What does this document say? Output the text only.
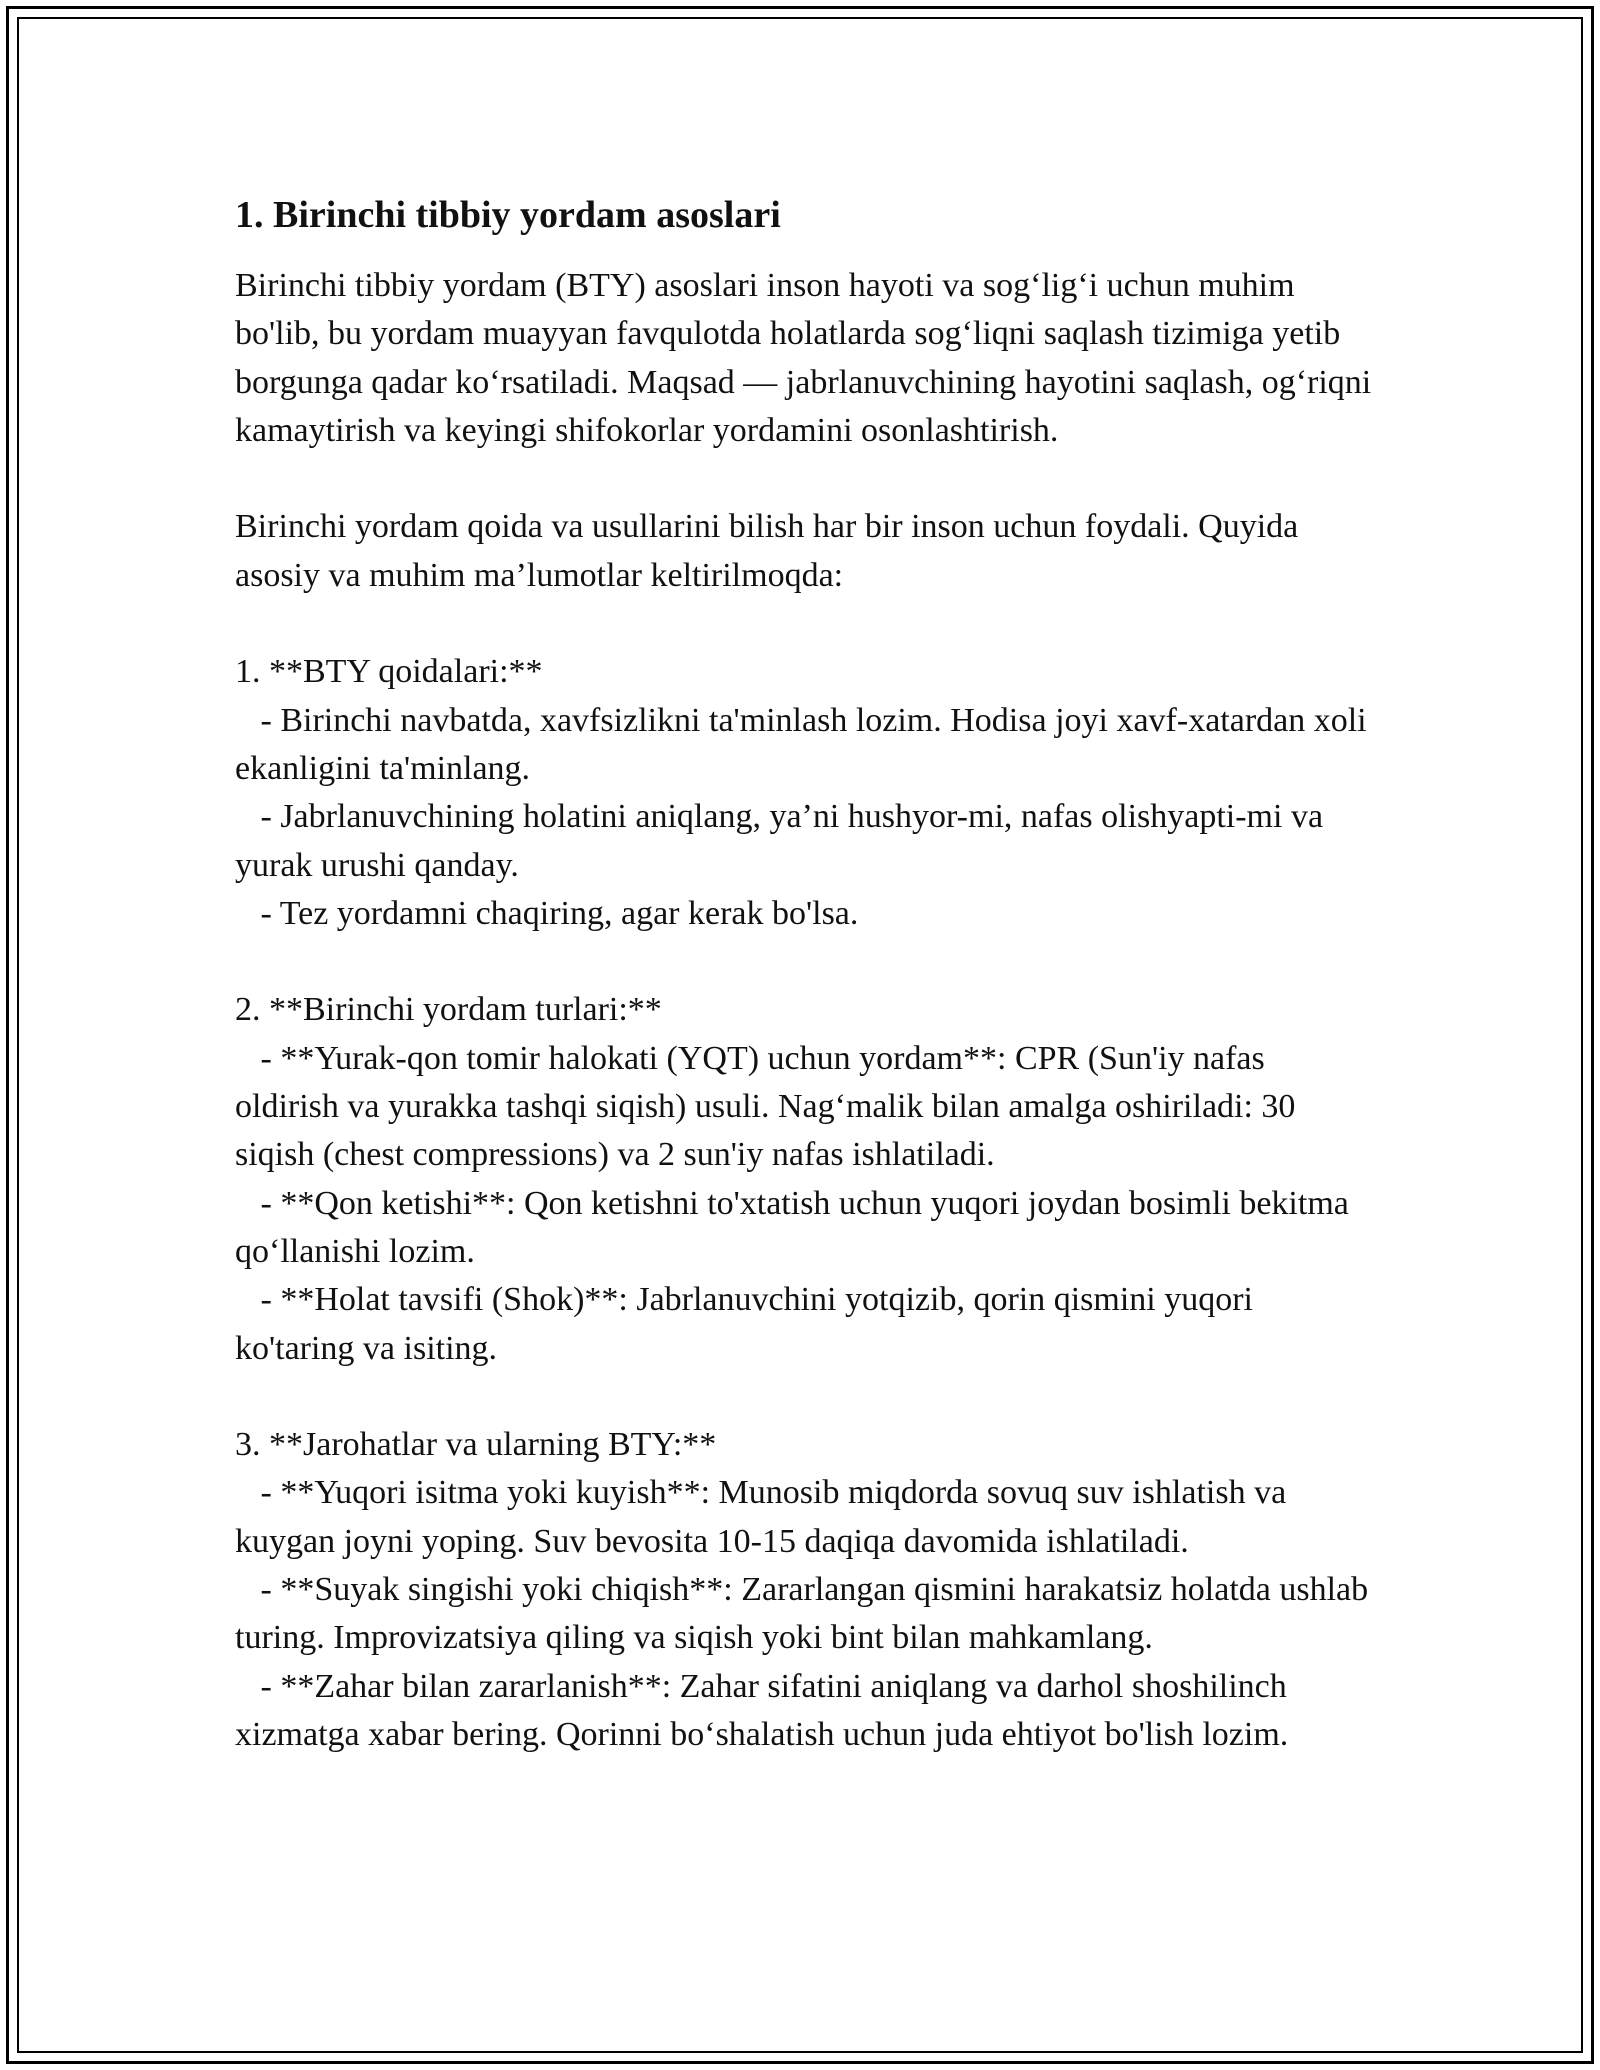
1. Birinchi tibbiy yordam asoslari

Birinchi tibbiy yordam (BTY) asoslari inson hayoti va sog‘lig‘i uchun muhim bo'lib, bu yordam muayyan favqulotda holatlarda sog‘liqni saqlash tizimiga yetib borgunga qadar ko‘rsatiladi. Maqsad — jabrlanuvchining hayotini saqlash, og‘riqni kamaytirish va keyingi shifokorlar yordamini osonlashtirish.

Birinchi yordam qoida va usullarini bilish har bir inson uchun foydali. Quyida asosiy va muhim ma’lumotlar keltirilmoqda:

1. **BTY qoidalari:**

- Birinchi navbatda, xavfsizlikni ta'minlash lozim. Hodisa joyi xavf-xatardan xoli ekanligini ta'minlang.

- Jabrlanuvchining holatini aniqlang, ya’ni hushyor-mi, nafas olishyapti-mi va yurak urushi qanday.

- Tez yordamni chaqiring, agar kerak bo'lsa.

2. **Birinchi yordam turlari:**

- **Yurak-qon tomir halokati (YQT) uchun yordam**: CPR (Sun'iy nafas oldirish va yurakka tashqi siqish) usuli. Nag‘malik bilan amalga oshiriladi: 30 siqish (chest compressions) va 2 sun'iy nafas ishlatiladi.

- **Qon ketishi**: Qon ketishni to'xtatish uchun yuqori joydan bosimli bekitma qo‘llanishi lozim.

- **Holat tavsifi (Shok)**: Jabrlanuvchini yotqizib, qorin qismini yuqori ko'taring va isiting.

3. **Jarohatlar va ularning BTY:**

- **Yuqori isitma yoki kuyish**: Munosib miqdorda sovuq suv ishlatish va kuygan joyni yoping. Suv bevosita 10-15 daqiqa davomida ishlatiladi.

- **Suyak singishi yoki chiqish**: Zararlangan qismini harakatsiz holatda ushlab turing. Improvizatsiya qiling va siqish yoki bint bilan mahkamlang.

- **Zahar bilan zararlanish**: Zahar sifatini aniqlang va darhol shoshilinch xizmatga xabar bering. Qorinni bo‘shalatish uchun juda ehtiyot bo'lish lozim.
